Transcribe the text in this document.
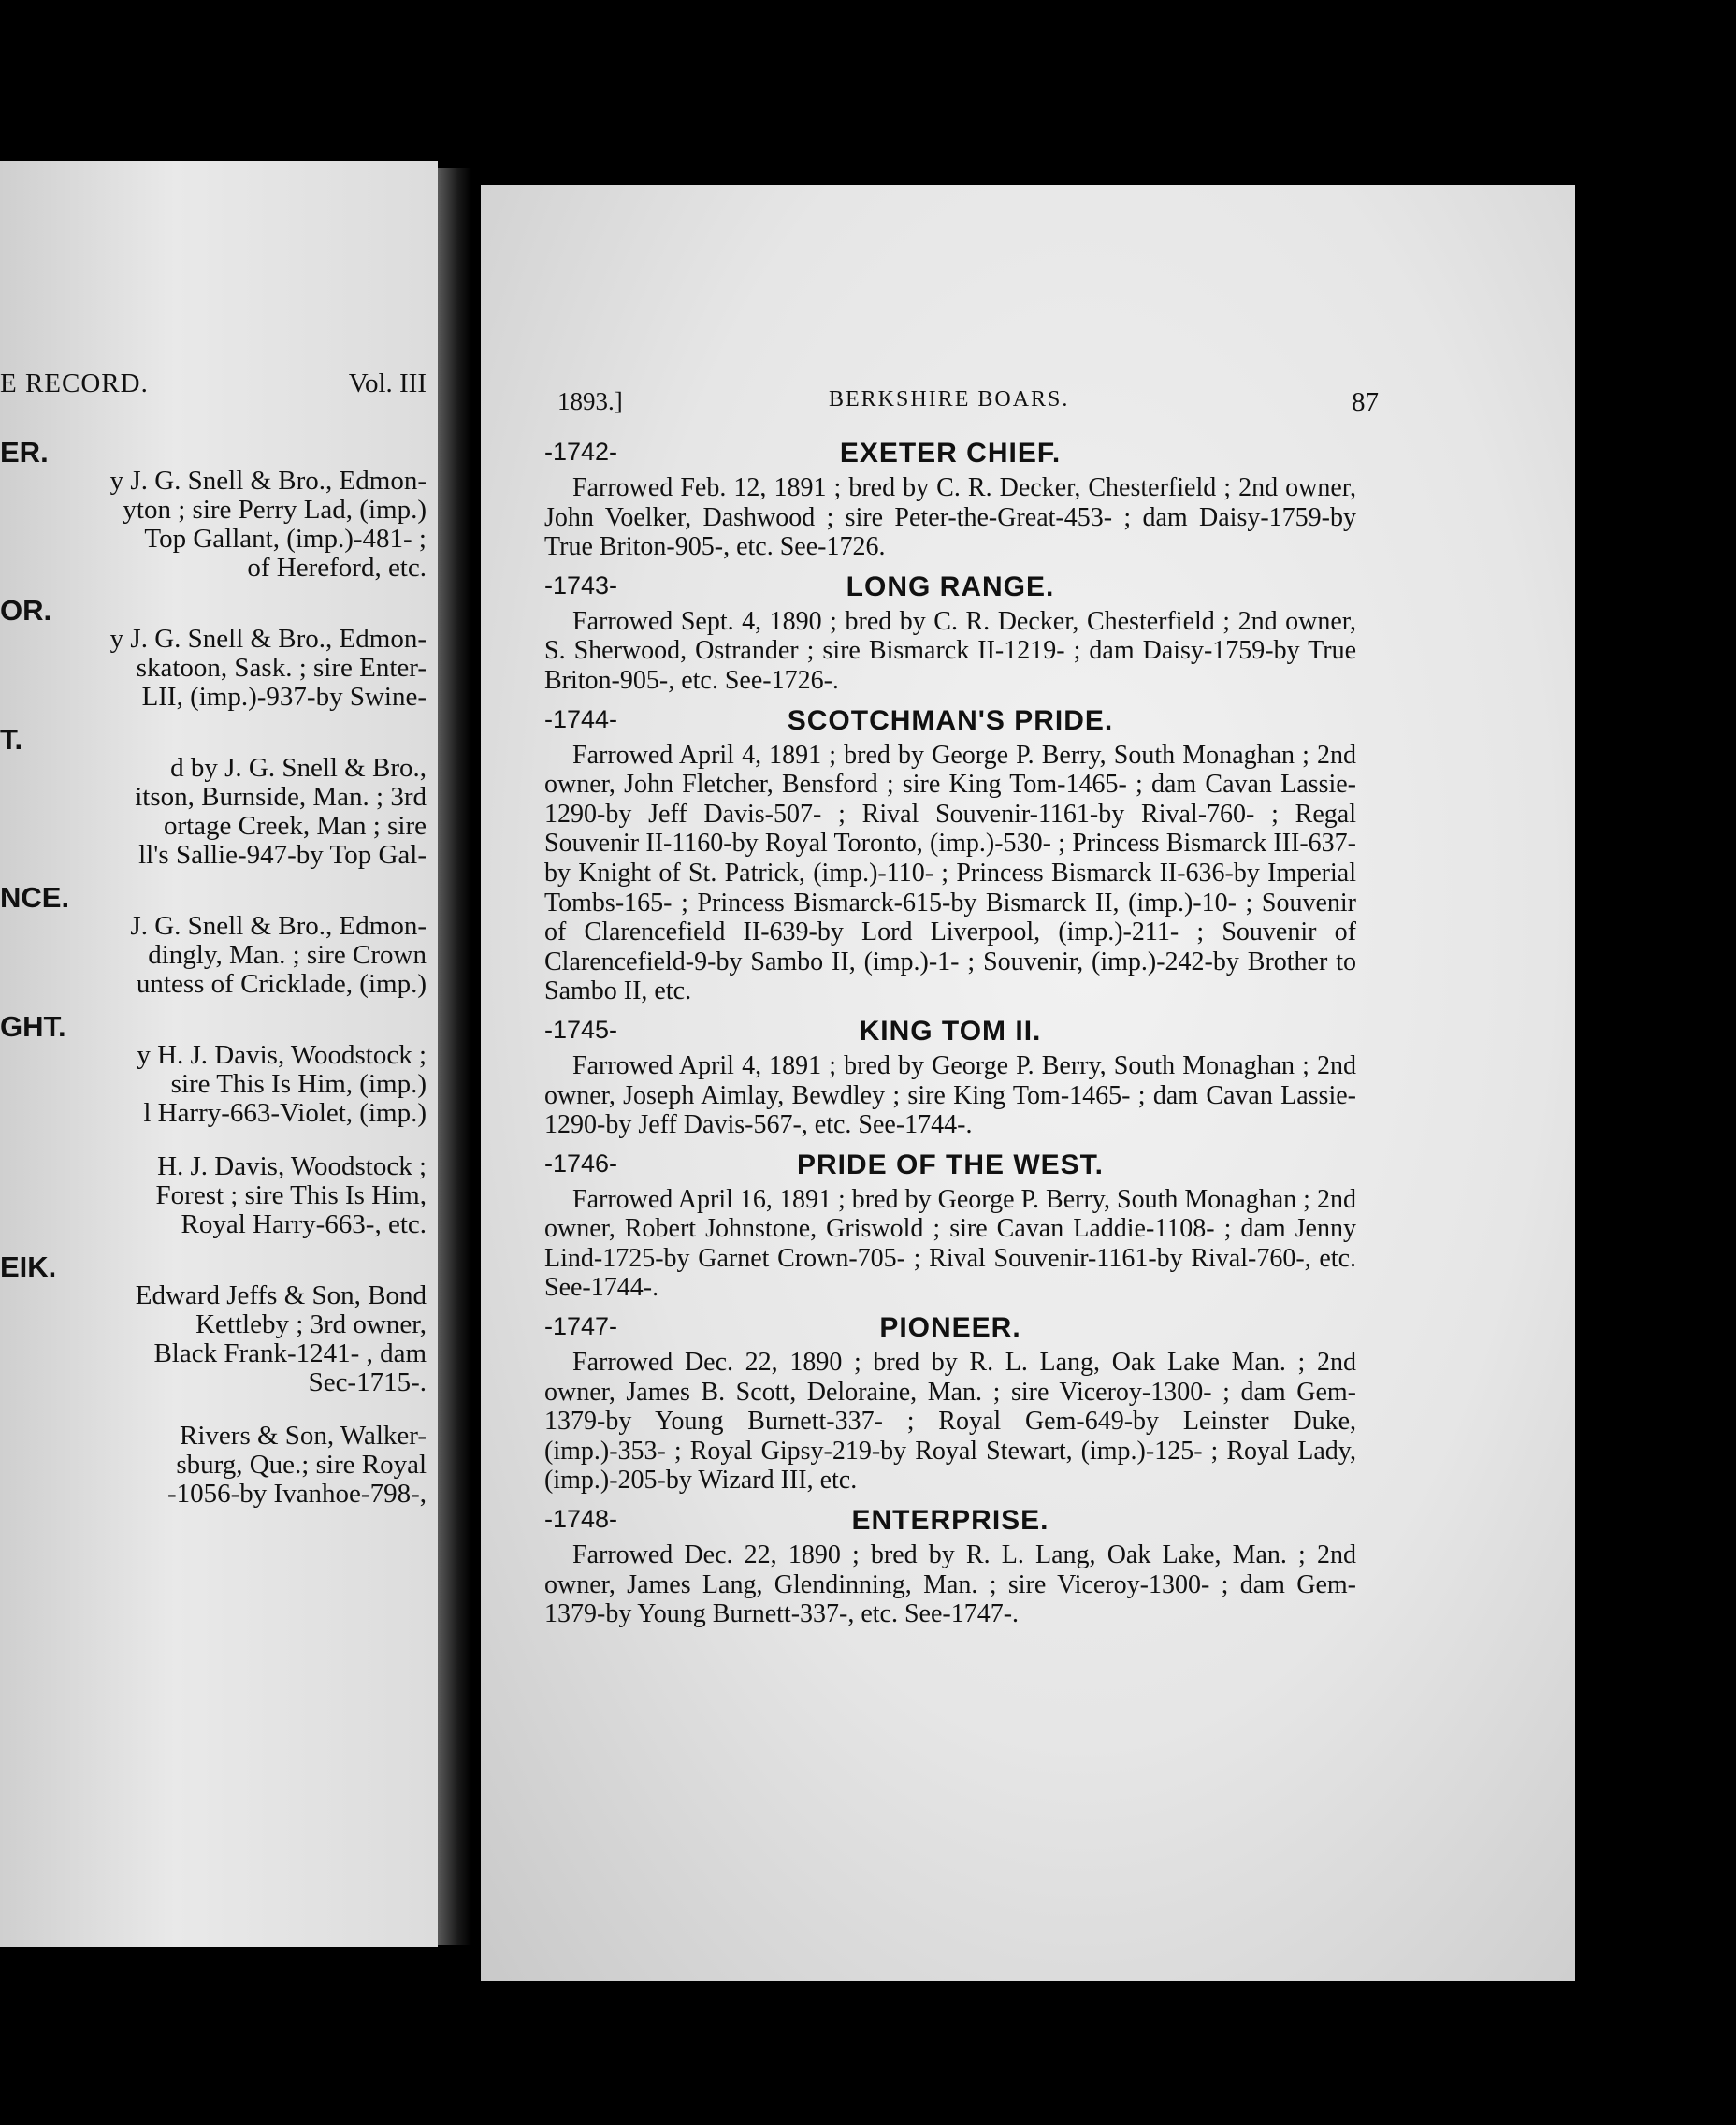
E RECORD.	Vol. III
ER.
y J. G. Snell & Bro., Edmon-
yton ; sire Perry Lad, (imp.)
Top Gallant, (imp.)-481- ;
of Hereford, etc.
OR.
y J. G. Snell & Bro., Edmon-
skatoon, Sask. ; sire Enter-
LII, (imp.)-937-by Swine-
T.
d by J. G. Snell & Bro.,
itson, Burnside, Man. ; 3rd
ortage Creek, Man ; sire
ll's Sallie-947-by Top Gal-
NCE.
J. G. Snell & Bro., Edmon-
dingly, Man. ; sire Crown
untess of Cricklade, (imp.)
GHT.
y H. J. Davis, Woodstock ;
sire This Is Him, (imp.)
l Harry-663-Violet, (imp.)
H. J. Davis, Woodstock ;
Forest ; sire This Is Him,
Royal Harry-663-, etc.
EIK.
Edward Jeffs & Son, Bond
Kettleby ; 3rd owner,
Black Frank-1241- , dam
Sec-1715-.
Rivers & Son, Walker-
sburg, Que.; sire Royal
-1056-by Ivanhoe-798-,
1893.]	BERKSHIRE BOARS.	87
-1742-	EXETER CHIEF.
Farrowed Feb. 12, 1891 ; bred by C. R. Decker, Chesterfield ; 2nd owner, John Voelker, Dashwood ; sire Peter-the-Great-453- ; dam Daisy-1759-by True Briton-905-, etc. See-1726.
-1743-	LONG RANGE.
Farrowed Sept. 4, 1890 ; bred by C. R. Decker, Chesterfield ; 2nd owner, S. Sherwood, Ostrander ; sire Bismarck II-1219- ; dam Daisy-1759-by True Briton-905-, etc. See-1726-.
-1744-	SCOTCHMAN'S PRIDE.
Farrowed April 4, 1891 ; bred by George P. Berry, South Monaghan ; 2nd owner, John Fletcher, Bensford ; sire King Tom-1465- ; dam Cavan Lassie-1290-by Jeff Davis-507- ; Rival Souvenir-1161-by Rival-760- ; Regal Souvenir II-1160-by Royal Toronto, (imp.)-530- ; Princess Bismarck III-637-by Knight of St. Patrick, (imp.)-110- ; Princess Bismarck II-636-by Imperial Tombs-165- ; Princess Bismarck-615-by Bismarck II, (imp.)-10- ; Souvenir of Clarencefield II-639-by Lord Liverpool, (imp.)-211- ; Souvenir of Clarencefield-9-by Sambo II, (imp.)-1- ; Souvenir, (imp.)-242-by Brother to Sambo II, etc.
-1745-	KING TOM II.
Farrowed April 4, 1891 ; bred by George P. Berry, South Monaghan ; 2nd owner, Joseph Aimlay, Bewdley ; sire King Tom-1465- ; dam Cavan Lassie-1290-by Jeff Davis-567-, etc. See-1744-.
-1746-	PRIDE OF THE WEST.
Farrowed April 16, 1891 ; bred by George P. Berry, South Monaghan ; 2nd owner, Robert Johnstone, Griswold ; sire Cavan Laddie-1108- ; dam Jenny Lind-1725-by Garnet Crown-705- ; Rival Souvenir-1161-by Rival-760-, etc. See-1744-.
-1747-	PIONEER.
Farrowed Dec. 22, 1890 ; bred by R. L. Lang, Oak Lake Man. ; 2nd owner, James B. Scott, Deloraine, Man. ; sire Viceroy-1300- ; dam Gem-1379-by Young Burnett-337- ; Royal Gem-649-by Leinster Duke, (imp.)-353- ; Royal Gipsy-219-by Royal Stewart, (imp.)-125- ; Royal Lady, (imp.)-205-by Wizard III, etc.
-1748-	ENTERPRISE.
Farrowed Dec. 22, 1890 ; bred by R. L. Lang, Oak Lake, Man. ; 2nd owner, James Lang, Glendinning, Man. ; sire Viceroy-1300- ; dam Gem-1379-by Young Burnett-337-, etc. See-1747-.
